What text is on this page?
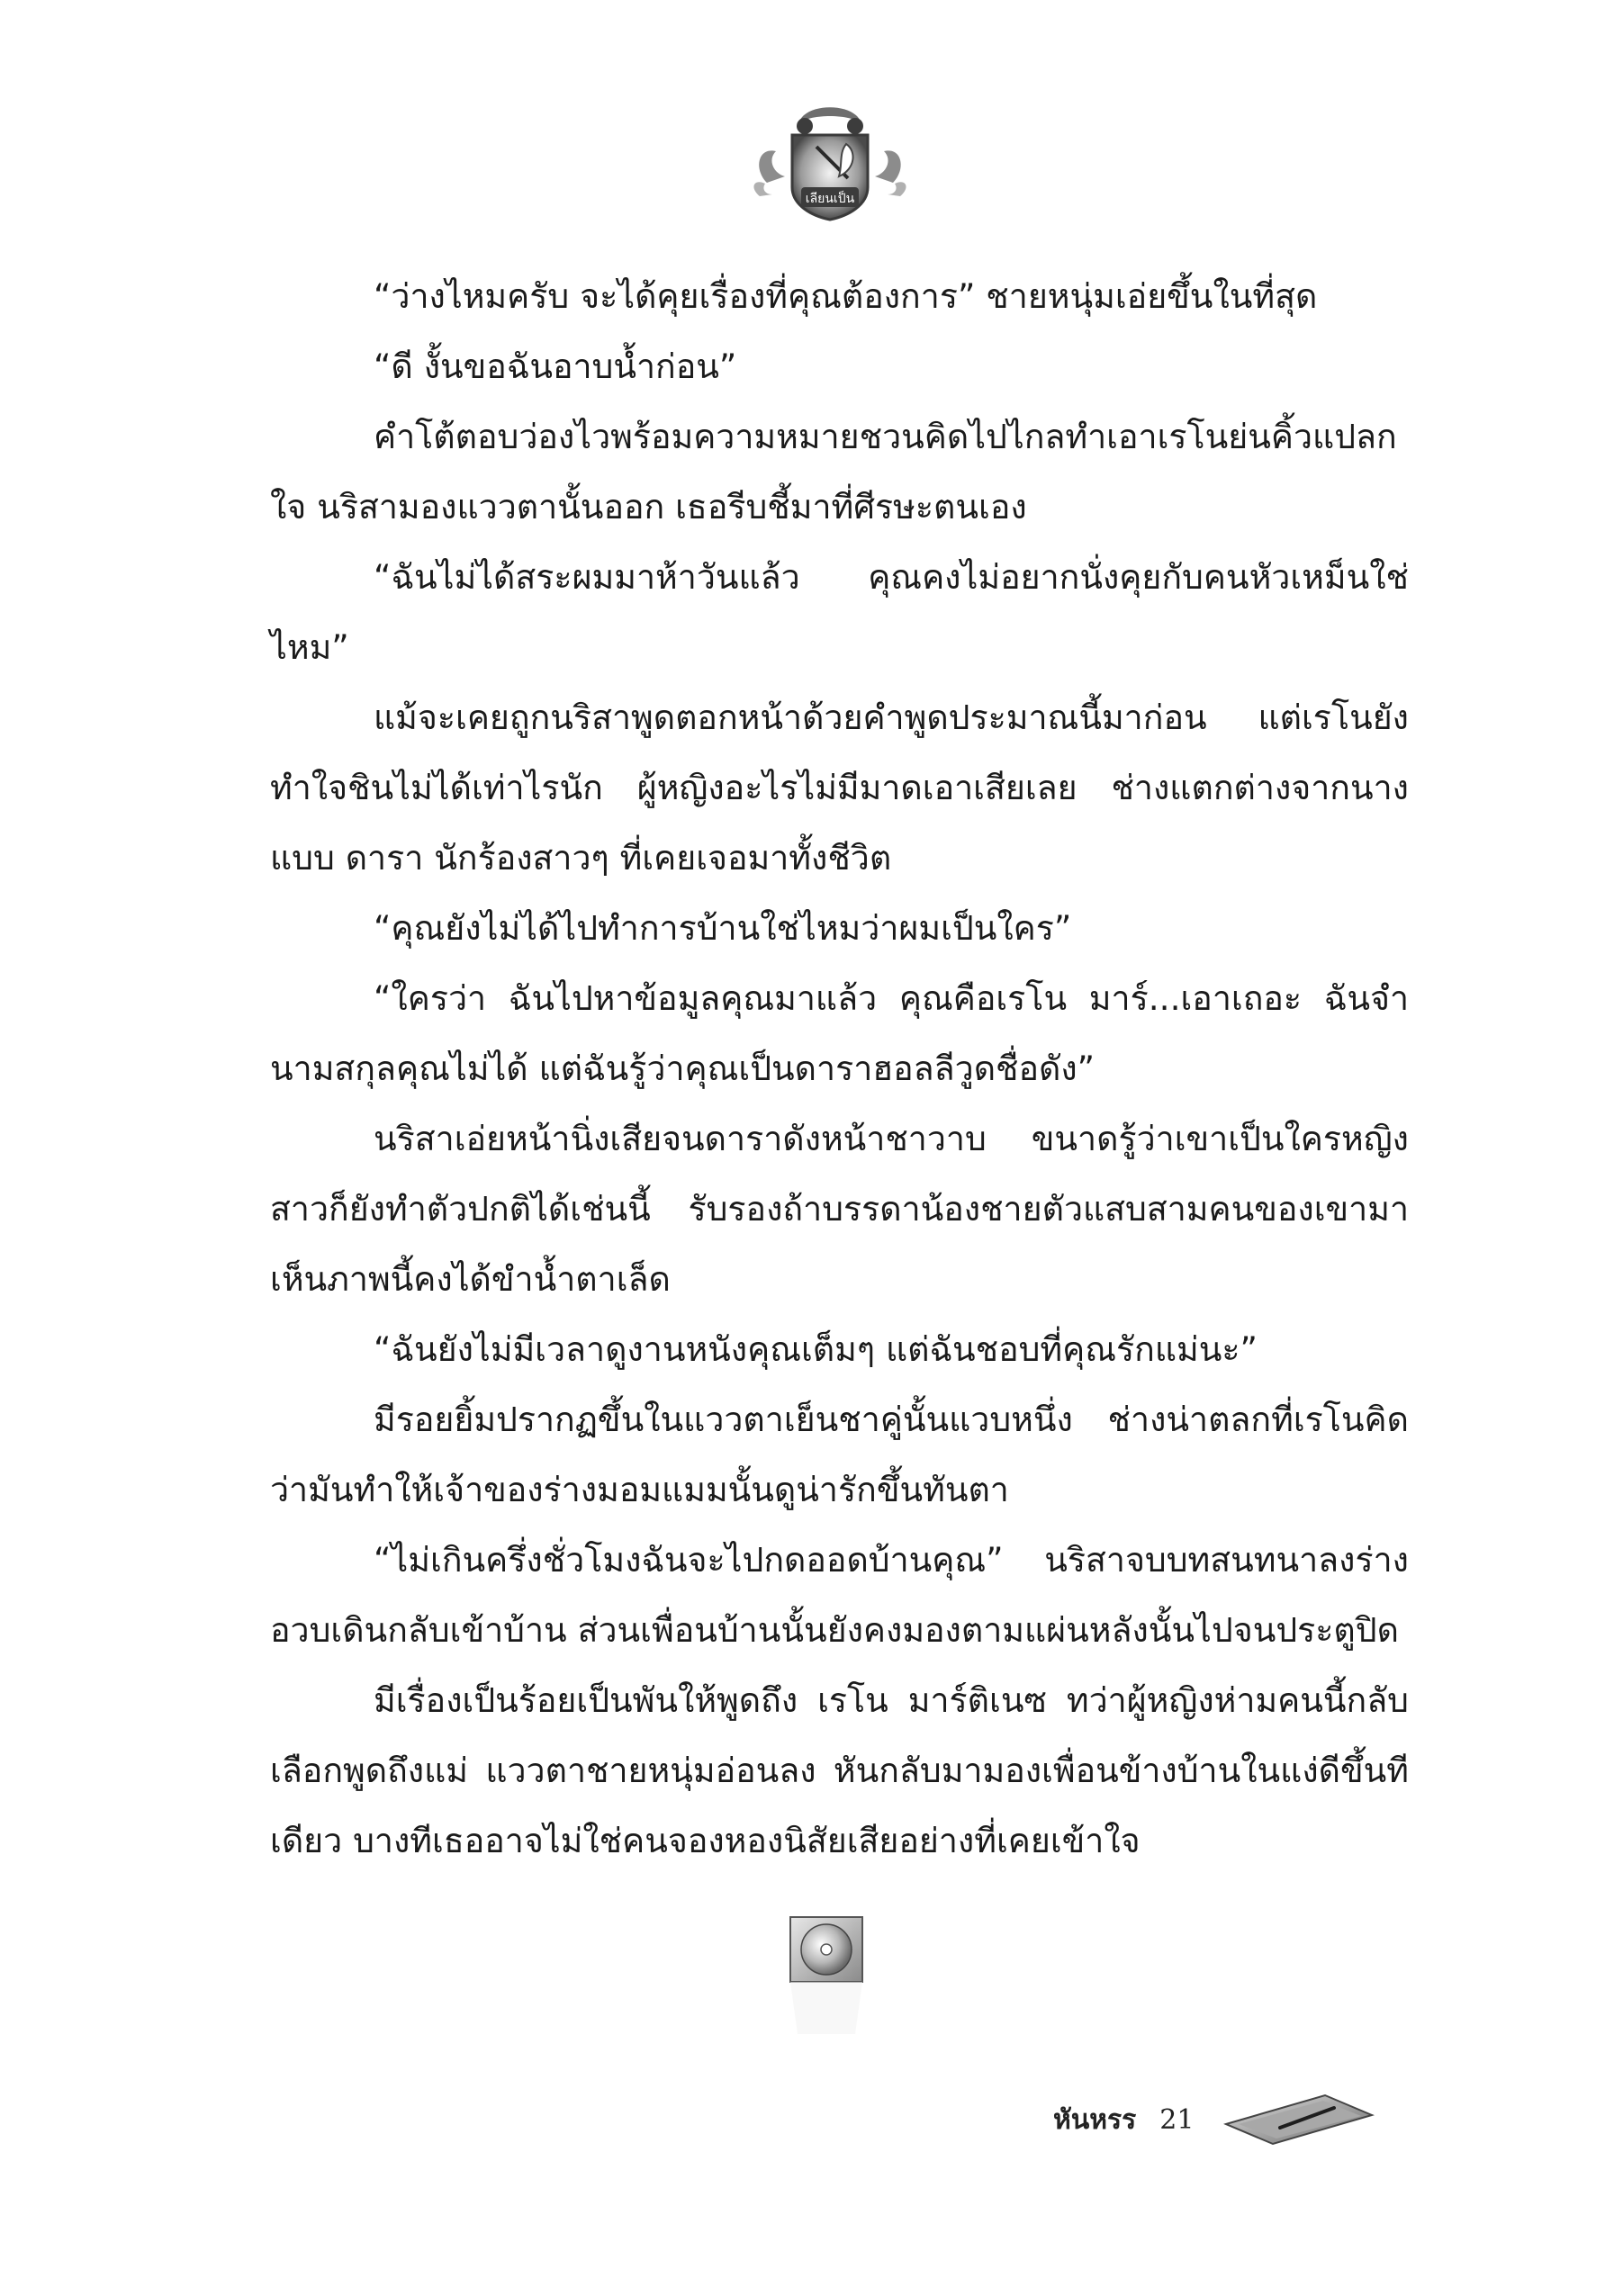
เลียนเป็น

“ว่างไหมครับ จะได้คุยเรื่องที่คุณต้องการ” ชายหนุ่มเอ่ยขึ้นในที่สุด

“ดี งั้นขอฉันอาบน้ำก่อน”

คำโต้ตอบว่องไวพร้อมความหมายชวนคิดไปไกลทำเอาเรโนย่นคิ้วแปลกใจ นริสามองแววตานั้นออก เธอรีบชี้มาที่ศีรษะตนเอง

“ฉันไม่ได้สระผมมาห้าวันแล้ว คุณคงไม่อยากนั่งคุยกับคนหัวเหม็นใช่ไหม”

แม้จะเคยถูกนริสาพูดตอกหน้าด้วยคำพูดประมาณนี้มาก่อน แต่เรโนยังทำใจชินไม่ได้เท่าไรนัก ผู้หญิงอะไรไม่มีมาดเอาเสียเลย ช่างแตกต่างจากนางแบบ ดารา นักร้องสาวๆ ที่เคยเจอมาทั้งชีวิต

“คุณยังไม่ได้ไปทำการบ้านใช่ไหมว่าผมเป็นใคร”

“ใครว่า ฉันไปหาข้อมูลคุณมาแล้ว คุณคือเรโน มาร์...เอาเถอะ ฉันจำนามสกุลคุณไม่ได้ แต่ฉันรู้ว่าคุณเป็นดาราฮอลลีวูดชื่อดัง”

นริสาเอ่ยหน้านิ่งเสียจนดาราดังหน้าชาวาบ ขนาดรู้ว่าเขาเป็นใครหญิงสาวก็ยังทำตัวปกติได้เช่นนี้ รับรองถ้าบรรดาน้องชายตัวแสบสามคนของเขามาเห็นภาพนี้คงได้ขำน้ำตาเล็ด

“ฉันยังไม่มีเวลาดูงานหนังคุณเต็มๆ แต่ฉันชอบที่คุณรักแม่นะ”

มีรอยยิ้มปรากฏขึ้นในแววตาเย็นชาคู่นั้นแวบหนึ่ง ช่างน่าตลกที่เรโนคิดว่ามันทำให้เจ้าของร่างมอมแมมนั้นดูน่ารักขึ้นทันตา

“ไม่เกินครึ่งชั่วโมงฉันจะไปกดออดบ้านคุณ” นริสาจบบทสนทนาลงร่างอวบเดินกลับเข้าบ้าน ส่วนเพื่อนบ้านนั้นยังคงมองตามแผ่นหลังนั้นไปจนประตูปิด

มีเรื่องเป็นร้อยเป็นพันให้พูดถึง เรโน มาร์ติเนซ ทว่าผู้หญิงห่ามคนนี้กลับเลือกพูดถึงแม่ แววตาชายหนุ่มอ่อนลง หันกลับมามองเพื่อนข้างบ้านในแง่ดีขึ้นทีเดียว บางทีเธออาจไม่ใช่คนจองหองนิสัยเสียอย่างที่เคยเข้าใจ

หันหรร 21
